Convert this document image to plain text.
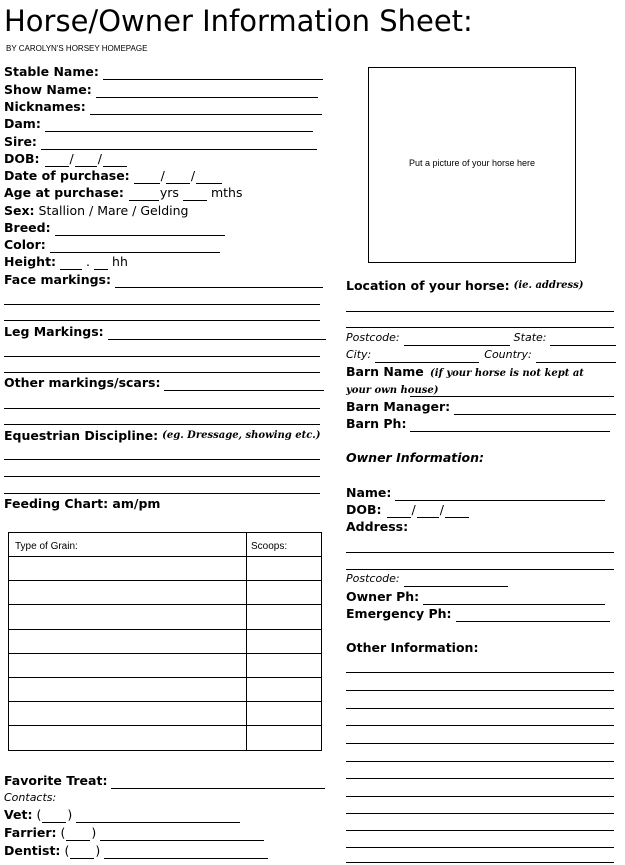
Horse/Owner Information Sheet:
BY CAROLYN'S HORSEY HOMEPAGE
Stable Name:
Show Name:
Nicknames:
Dam:
Sire:
DOB: / /
Date of purchase: / /
Age at purchase:	yrs	mths
Sex: Stallion / Mare / Gelding
Breed:
Color:
Height: . hh
Face markings:
Leg Markings:
Other markings/scars:
Equestrian Discipline: (eg. Dressage, showing etc.)
Feeding Chart: am/pm
Type of Grain:	Scoops:
Favorite Treat:
Contacts:
Vet: ( )
Farrier: ( )
Dentist: ( )
Put a picture of your horse here
Location of your horse: (ie. address)
Postcode:	State:
City:	Country:
Barn Name (if your horse is not kept at your own house)
Barn Manager:
Barn Ph:
Owner Information:
Name:
DOB: / /
Address:
Postcode:
Owner Ph:
Emergency Ph:
Other Information:
